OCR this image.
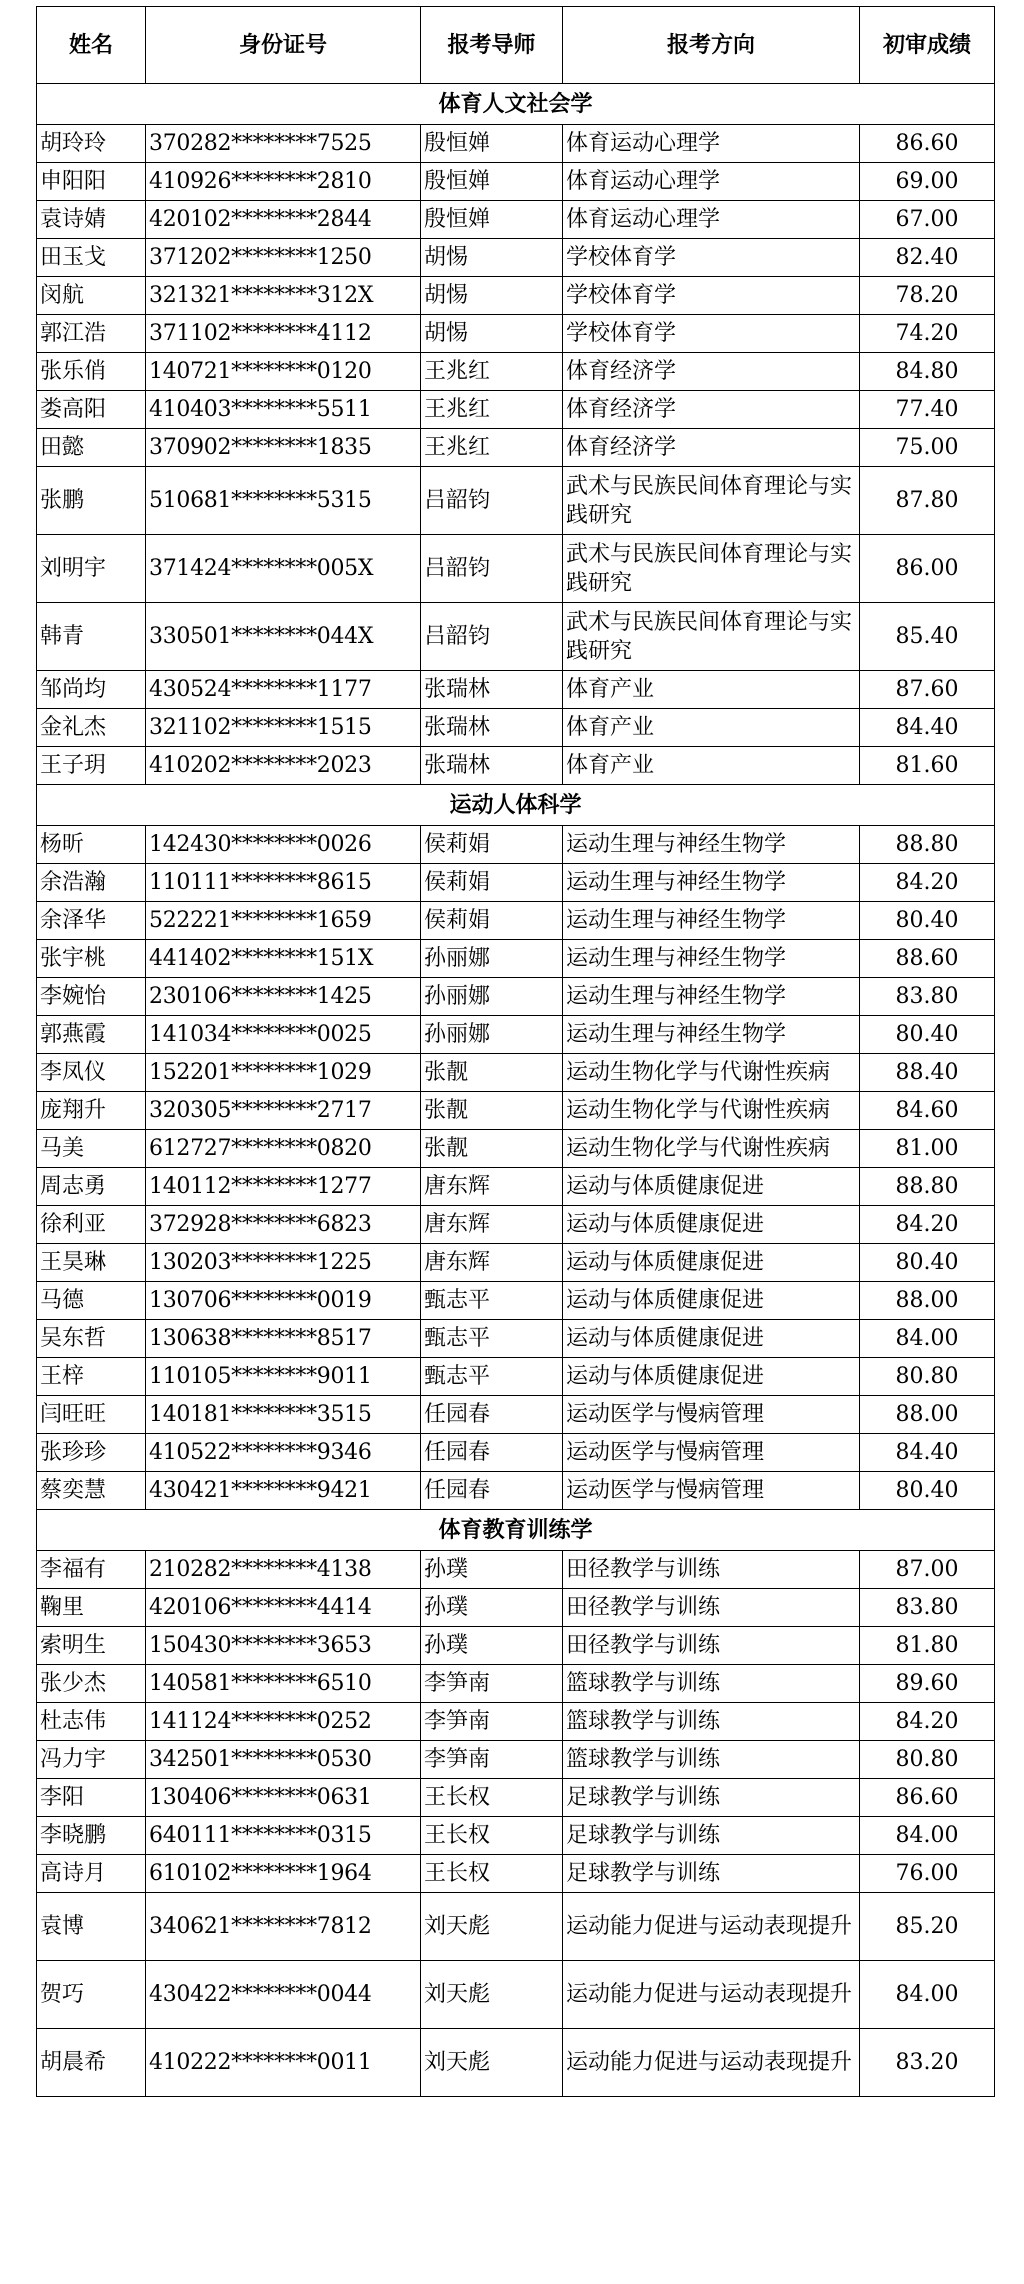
姓名	身份证号	报考导师	报考方向	初审成绩
体育人文社会学				
胡玲玲	370282********7525	殷恒婵	体育运动心理学	86.60
申阳阳	410926********2810	殷恒婵	体育运动心理学	69.00
袁诗婧	420102********2844	殷恒婵	体育运动心理学	67.00
田玉戈	371202********1250	胡惕	学校体育学	82.40
闵航	321321********312X	胡惕	学校体育学	78.20
郭江浩	371102********4112	胡惕	学校体育学	74.20
张乐俏	140721********0120	王兆红	体育经济学	84.80
娄高阳	410403********5511	王兆红	体育经济学	77.40
田懿	370902********1835	王兆红	体育经济学	75.00
张鹏	510681********5315	吕韶钧	武术与民族民间体育理论与实践研究	87.80
刘明宇	371424********005X	吕韶钧	武术与民族民间体育理论与实践研究	86.00
韩青	330501********044X	吕韶钧	武术与民族民间体育理论与实践研究	85.40
邹尚均	430524********1177	张瑞林	体育产业	87.60
金礼杰	321102********1515	张瑞林	体育产业	84.40
王子玥	410202********2023	张瑞林	体育产业	81.60
运动人体科学				
杨昕	142430********0026	侯莉娟	运动生理与神经生物学	88.80
余浩瀚	110111********8615	侯莉娟	运动生理与神经生物学	84.20
余泽华	522221********1659	侯莉娟	运动生理与神经生物学	80.40
张宇桃	441402********151X	孙丽娜	运动生理与神经生物学	88.60
李婉怡	230106********1425	孙丽娜	运动生理与神经生物学	83.80
郭燕霞	141034********0025	孙丽娜	运动生理与神经生物学	80.40
李凤仪	152201********1029	张靓	运动生物化学与代谢性疾病	88.40
庞翔升	320305********2717	张靓	运动生物化学与代谢性疾病	84.60
马美	612727********0820	张靓	运动生物化学与代谢性疾病	81.00
周志勇	140112********1277	唐东辉	运动与体质健康促进	88.80
徐利亚	372928********6823	唐东辉	运动与体质健康促进	84.20
王昊琳	130203********1225	唐东辉	运动与体质健康促进	80.40
马德	130706********0019	甄志平	运动与体质健康促进	88.00
吴东哲	130638********8517	甄志平	运动与体质健康促进	84.00
王梓	110105********9011	甄志平	运动与体质健康促进	80.80
闫旺旺	140181********3515	任园春	运动医学与慢病管理	88.00
张珍珍	410522********9346	任园春	运动医学与慢病管理	84.40
蔡奕慧	430421********9421	任园春	运动医学与慢病管理	80.40
体育教育训练学				
李福有	210282********4138	孙璞	田径教学与训练	87.00
鞠里	420106********4414	孙璞	田径教学与训练	83.80
索明生	150430********3653	孙璞	田径教学与训练	81.80
张少杰	140581********6510	李笋南	篮球教学与训练	89.60
杜志伟	141124********0252	李笋南	篮球教学与训练	84.20
冯力宇	342501********0530	李笋南	篮球教学与训练	80.80
李阳	130406********0631	王长权	足球教学与训练	86.60
李晓鹏	640111********0315	王长权	足球教学与训练	84.00
高诗月	610102********1964	王长权	足球教学与训练	76.00
袁博	340621********7812	刘天彪	运动能力促进与运动表现提升	85.20
贺巧	430422********0044	刘天彪	运动能力促进与运动表现提升	84.00
胡晨希	410222********0011	刘天彪	运动能力促进与运动表现提升	83.20
